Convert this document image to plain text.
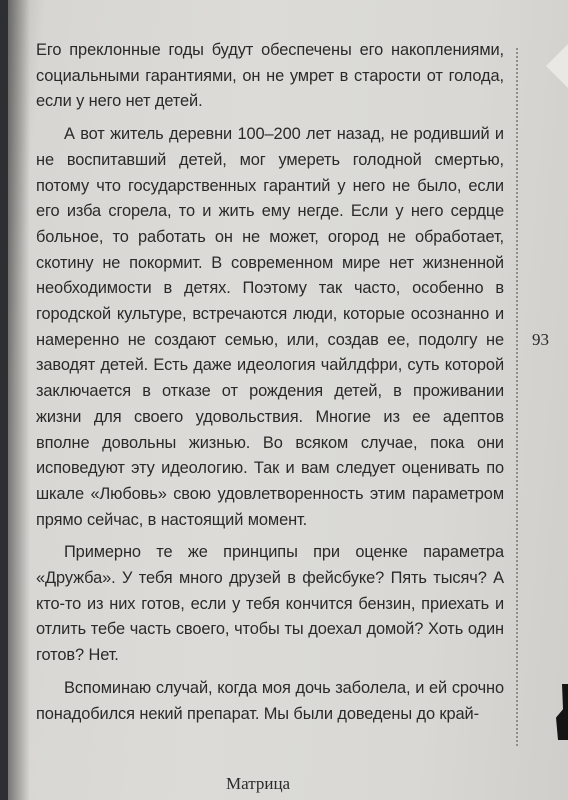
Его преклонные годы будут обеспечены его накоплениями, социальными гарантиями, он не умрет в старости от голода, если у него нет детей.

А вот житель деревни 100–200 лет назад, не родивший и не воспитавший детей, мог умереть голодной смертью, потому что государственных гарантий у него не было, если его изба сгорела, то и жить ему негде. Если у него сердце больное, то работать он не может, огород не обработает, скотину не покормит. В современном мире нет жизненной необходимости в детях. Поэтому так часто, особенно в городской культуре, встречаются люди, которые осознанно и намеренно не создают семью, или, создав ее, подолгу не заводят детей. Есть даже идеология чайлдфри, суть которой заключается в отказе от рождения детей, в проживании жизни для своего удовольствия. Многие из ее адептов вполне довольны жизнью. Во всяком случае, пока они исповедуют эту идеологию. Так и вам следует оценивать по шкале «Любовь» свою удовлетворенность этим параметром прямо сейчас, в настоящий момент.

Примерно те же принципы при оценке параметра «Дружба». У тебя много друзей в фейсбуке? Пять тысяч? А кто-то из них готов, если у тебя кончится бензин, приехать и отлить тебе часть своего, чтобы ты доехал домой? Хоть один готов? Нет.

Вспоминаю случай, когда моя дочь заболела, и ей срочно понадобился некий препарат. Мы были доведены до край-

93
Матрица
